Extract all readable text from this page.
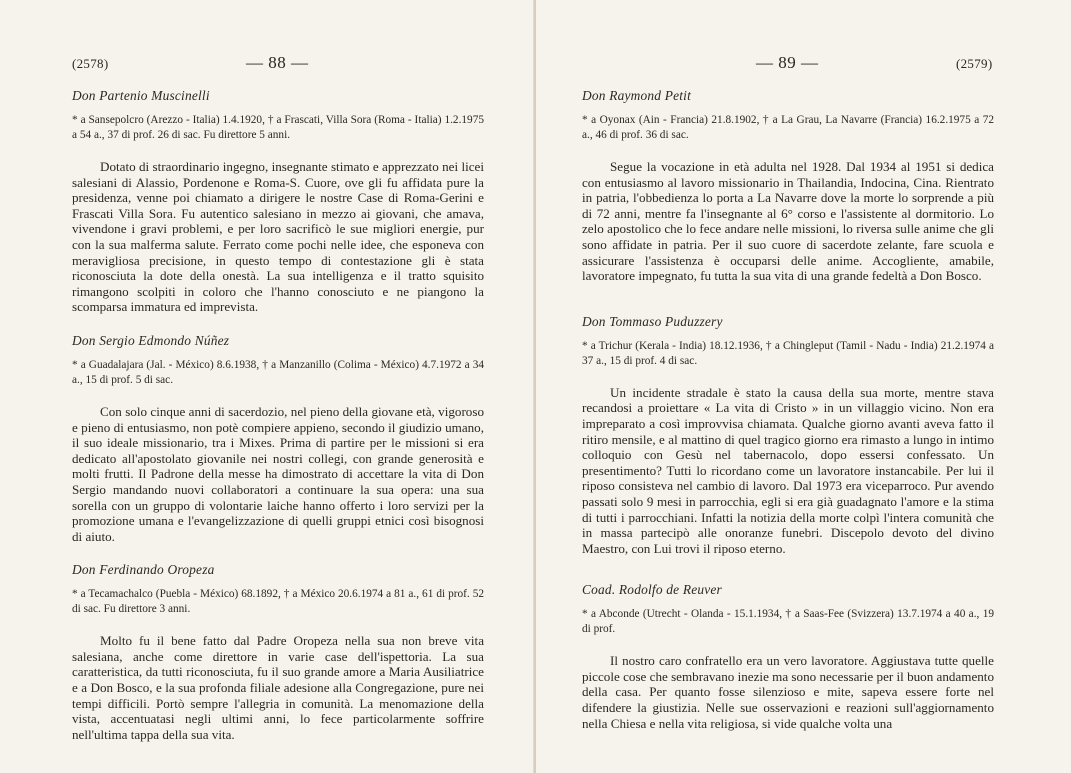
(2578)	— 88 —

Don Partenio Muscinelli

* a Sansepolcro (Arezzo - Italia) 1.4.1920, † a Frascati, Villa Sora (Roma - Italia) 1.2.1975 a 54 a., 37 di prof. 26 di sac. Fu direttore 5 anni.

Dotato di straordinario ingegno, insegnante stimato e apprezzato nei licei salesiani di Alassio, Pordenone e Roma-S. Cuore, ove gli fu affidata pure la presidenza, venne poi chiamato a dirigere le nostre Case di Roma-Gerini e Frascati Villa Sora. Fu autentico salesiano in mezzo ai giovani, che amava, vivendone i gravi problemi, e per loro sacrificò le sue migliori energie, pur con la sua malferma salute. Ferrato come pochi nelle idee, che esponeva con meravigliosa precisione, in questo tempo di contestazione gli è stata riconosciuta la dote della onestà. La sua intelligenza e il tratto squisito rimangono scolpiti in coloro che l'hanno conosciuto e ne piangono la scomparsa immatura ed imprevista.

Don Sergio Edmondo Núñez

* a Guadalajara (Jal. - México) 8.6.1938, † a Manzanillo (Colima - México) 4.7.1972 a 34 a., 15 di prof. 5 di sac.

Con solo cinque anni di sacerdozio, nel pieno della giovane età, vigoroso e pieno di entusiasmo, non potè compiere appieno, secondo il giudizio umano, il suo ideale missionario, tra i Mixes. Prima di partire per le missioni si era dedicato all'apostolato giovanile nei nostri collegi, con grande generosità e molti frutti. Il Padrone della messe ha dimostrato di accettare la vita di Don Sergio mandando nuovi collaboratori a continuare la sua opera: una sua sorella con un gruppo di volontarie laiche hanno offerto i loro servizi per la promozione umana e l'evangelizzazione di quelli gruppi etnici così bisognosi di aiuto.

Don Ferdinando Oropeza

* a Tecamachalco (Puebla - México) 68.1892, † a México 20.6.1974 a 81 a., 61 di prof. 52 di sac. Fu direttore 3 anni.

Molto fu il bene fatto dal Padre Oropeza nella sua non breve vita salesiana, anche come direttore in varie case dell'ispettoria. La sua caratteristica, da tutti riconosciuta, fu il suo grande amore a Maria Ausiliatrice e a Don Bosco, e la sua profonda filiale adesione alla Congregazione, pure nei tempi difficili. Portò sempre l'allegria in comunità. La menomazione della vista, accentuatasi negli ultimi anni, lo fece particolarmente soffrire nell'ultima tappa della sua vita.

— 89 —	(2579)

Don Raymond Petit

* a Oyonax (Ain - Francia) 21.8.1902, † a La Grau, La Navarre (Francia) 16.2.1975 a 72 a., 46 di prof. 36 di sac.

Segue la vocazione in età adulta nel 1928. Dal 1934 al 1951 si dedica con entusiasmo al lavoro missionario in Thailandia, Indocina, Cina. Rientrato in patria, l'obbedienza lo porta a La Navarre dove la morte lo sorprende a più di 72 anni, mentre fa l'insegnante al 6° corso e l'assistente al dormitorio. Lo zelo apostolico che lo fece andare nelle missioni, lo riversa sulle anime che gli sono affidate in patria. Per il suo cuore di sacerdote zelante, fare scuola e assicurare l'assistenza è occuparsi delle anime. Accogliente, amabile, lavoratore impegnato, fu tutta la sua vita di una grande fedeltà a Don Bosco.

Don Tommaso Puduzzery

* a Trichur (Kerala - India) 18.12.1936, † a Chingleput (Tamil - Nadu - India) 21.2.1974 a 37 a., 15 di prof. 4 di sac.

Un incidente stradale è stato la causa della sua morte, mentre stava recandosi a proiettare « La vita di Cristo » in un villaggio vicino. Non era impreparato a così improvvisa chiamata. Qualche giorno avanti aveva fatto il ritiro mensile, e al mattino di quel tragico giorno era rimasto a lungo in intimo colloquio con Gesù nel tabernacolo, dopo essersi confessato. Un presentimento? Tutti lo ricordano come un lavoratore instancabile. Per lui il riposo consisteva nel cambio di lavoro. Dal 1973 era viceparroco. Pur avendo passati solo 9 mesi in parrocchia, egli si era già guadagnato l'amore e la stima di tutti i parrocchiani. Infatti la notizia della morte colpì l'intera comunità che in massa partecipò alle onoranze funebri. Discepolo devoto del divino Maestro, con Lui trovi il riposo eterno.

Coad. Rodolfo de Reuver

* a Abconde (Utrecht - Olanda - 15.1.1934, † a Saas-Fee (Svizzera) 13.7.1974 a 40 a., 19 di prof.

Il nostro caro confratello era un vero lavoratore. Aggiustava tutte quelle piccole cose che sembravano inezie ma sono necessarie per il buon andamento della casa. Per quanto fosse silenzioso e mite, sapeva essere forte nel difendere la giustizia. Nelle sue osservazioni e reazioni sull'aggiornamento nella Chiesa e nella vita religiosa, si vide qualche volta una
